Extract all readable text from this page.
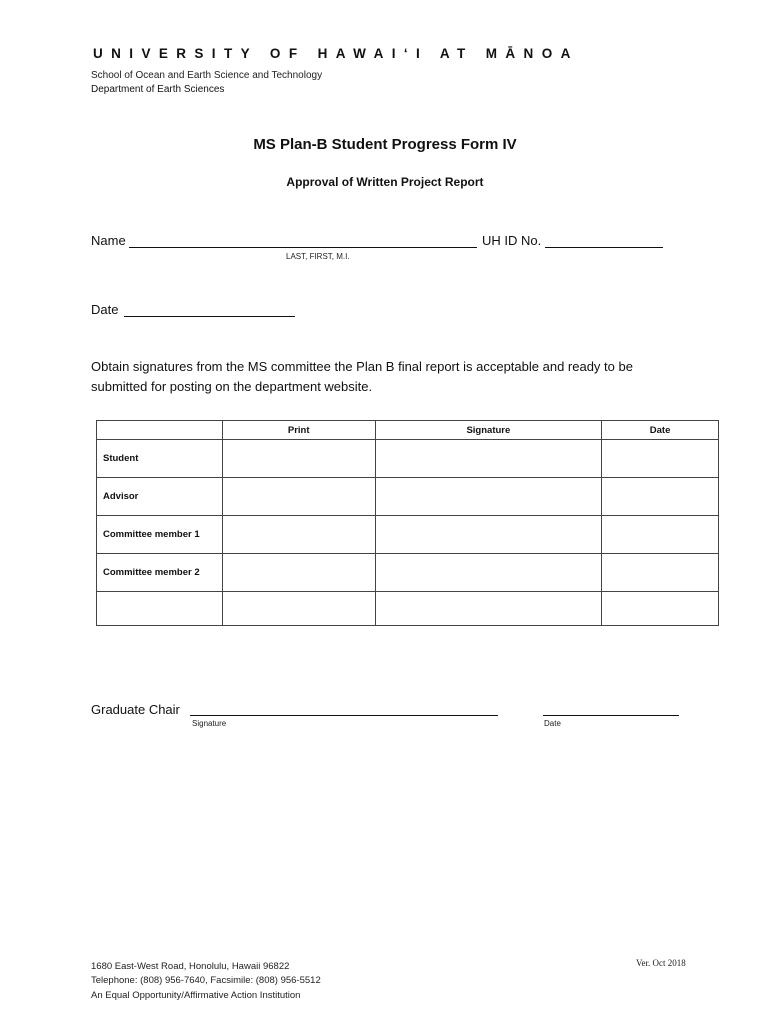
UNIVERSITY OF HAWAI‘I AT MĀNOA
School of Ocean and Earth Science and Technology
Department of Earth Sciences
MS Plan-B Student Progress Form IV
Approval of Written Project Report
Name
LAST, FIRST, M.I.
UH ID No.
Date
Obtain signatures from the MS committee the Plan B final report is acceptable and ready to be submitted for posting on the department website.
	Print	Signature	Date
Student			
Advisor			
Committee member 1			
Committee member 2			

Graduate Chair
Signature	Date
1680 East-West Road, Honolulu, Hawaii 96822
Telephone: (808) 956-7640, Facsimile: (808) 956-5512
An Equal Opportunity/Affirmative Action Institution
Ver. Oct 2018
